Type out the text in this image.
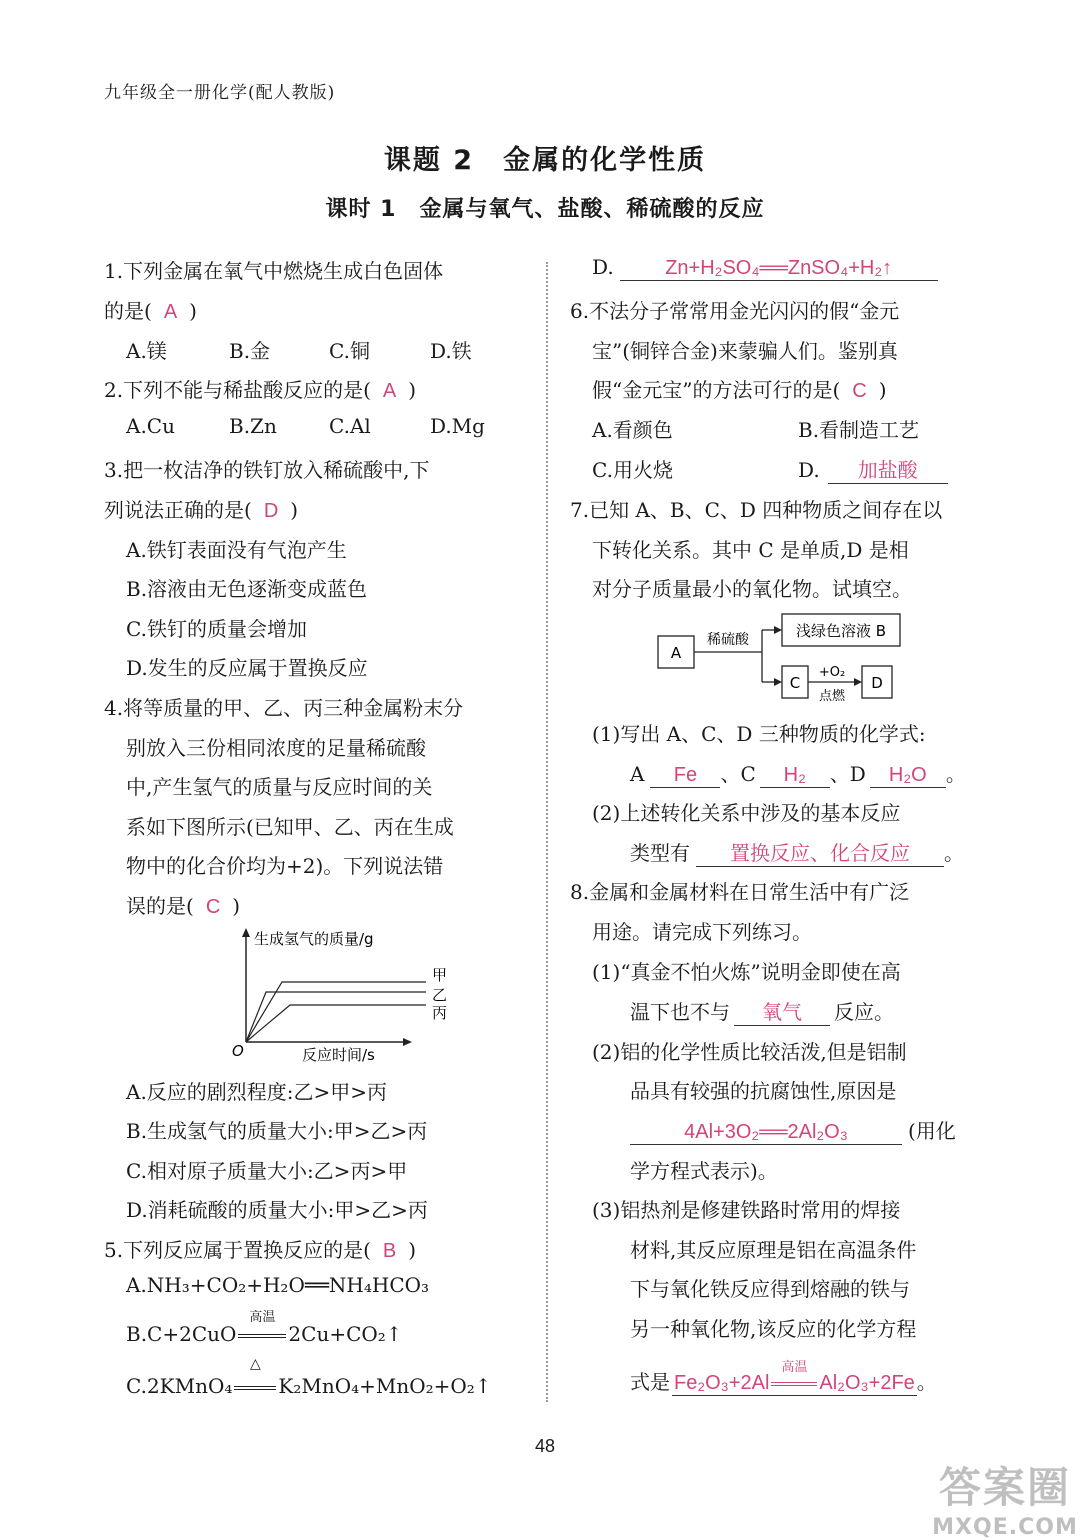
九年级全一册化学(配人教版)
课题 2　金属的化学性质
课时 1　金属与氧气、盐酸、稀硫酸的反应
1.下列金属在氧气中燃烧生成白色固体
的是( A )
A.镁	B.金	C.铜	D.铁
2.下列不能与稀盐酸反应的是( A )
A.Cu	B.Zn	C.Al	D.Mg
3.把一枚洁净的铁钉放入稀硫酸中,下
列说法正确的是( D )
A.铁钉表面没有气泡产生
B.溶液由无色逐渐变成蓝色
C.铁钉的质量会增加
D.发生的反应属于置换反应
4.将等质量的甲、乙、丙三种金属粉末分
别放入三份相同浓度的足量稀硫酸
中,产生氢气的质量与反应时间的关
系如下图所示(已知甲、乙、丙在生成
物中的化合价均为+2)。下列说法错
误的是( C )
生成氢气的质量/g
甲
乙
丙
O	反应时间/s
A.反应的剧烈程度:乙>甲>丙
B.生成氢气的质量大小:甲>乙>丙
C.相对原子质量大小:乙>丙>甲
D.消耗硫酸的质量大小:甲>乙>丙
5.下列反应属于置换反应的是( B )
A.NH₃+CO₂+H₂O══NH₄HCO₃
B.C+2CuO
高温
2Cu+CO₂↑
C.2KMnO₄
△
K₂MnO₄+MnO₂+O₂↑
D.	Zn+H₂SO₄══ZnSO₄+H₂↑
6.不法分子常常用金光闪闪的假“金元
宝”(铜锌合金)来蒙骗人们。鉴别真
假“金元宝”的方法可行的是( C )
A.看颜色	B.看制造工艺
C.用火烧	D. 加盐酸
7.已知 A、B、C、D 四种物质之间存在以
下转化关系。其中 C 是单质,D 是相
对分子质量最小的氧化物。试填空。
A
稀硫酸	浅绿色溶液 B
C
+O₂
点燃
D
(1)写出 A、C、D 三种物质的化学式:
A Fe 、C H₂ 、D H₂O 。
(2)上述转化关系中涉及的基本反应
类型有 置换反应、化合反应 。
8.金属和金属材料在日常生活中有广泛
用途。请完成下列练习。
(1)“真金不怕火炼”说明金即使在高
温下也不与 氧气 反应。
(2)铝的化学性质比较活泼,但是铝制
品具有较强的抗腐蚀性,原因是
4Al+3O₂══2Al₂O₃	(用化
学方程式表示)。
(3)铝热剂是修建铁路时常用的焊接
材料,其反应原理是铝在高温条件
下与氧化铁反应得到熔融的铁与
另一种氧化物,该反应的化学方程
式是 Fe₂O₃+2Al
高温
Al₂O₃+2Fe 。
48
答案圈
MXQE.COM
